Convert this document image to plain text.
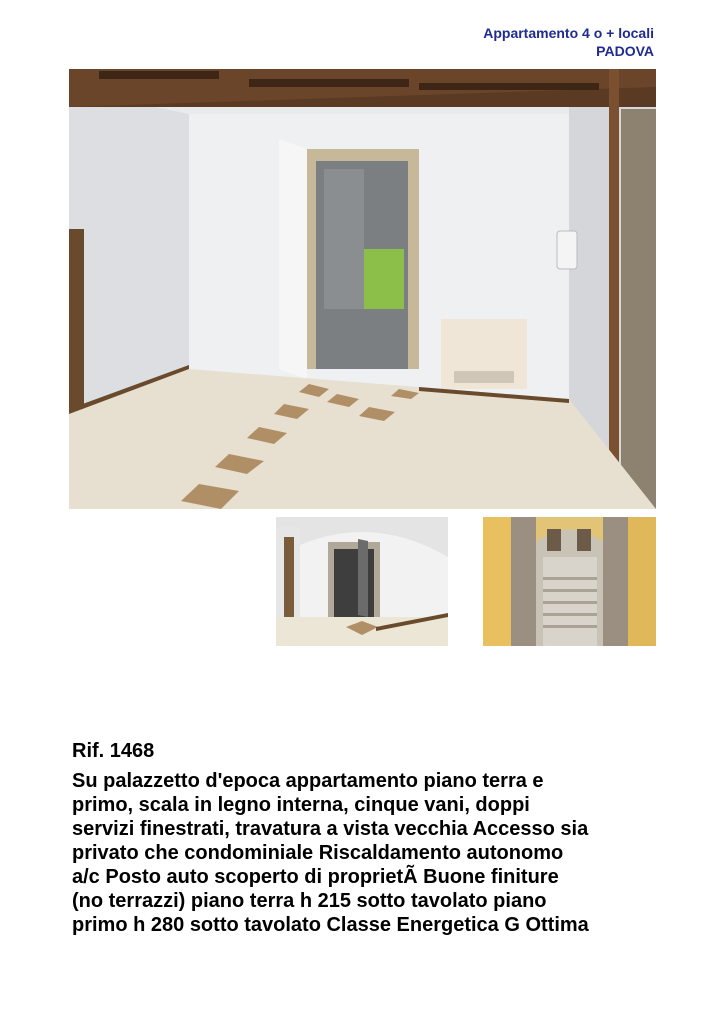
Appartamento 4 o + locali
PADOVA
Rif. 1468
Su palazzetto d'epoca appartamento piano terra e
primo, scala in legno interna, cinque vani, doppi
servizi finestrati, travatura a vista vecchia Accesso sia
privato che condominiale Riscaldamento autonomo
a/c Posto auto scoperto di proprietÃ Buone finiture
(no terrazzi) piano terra h 215 sotto tavolato piano
primo h 280 sotto tavolato Classe Energetica G Ottima
